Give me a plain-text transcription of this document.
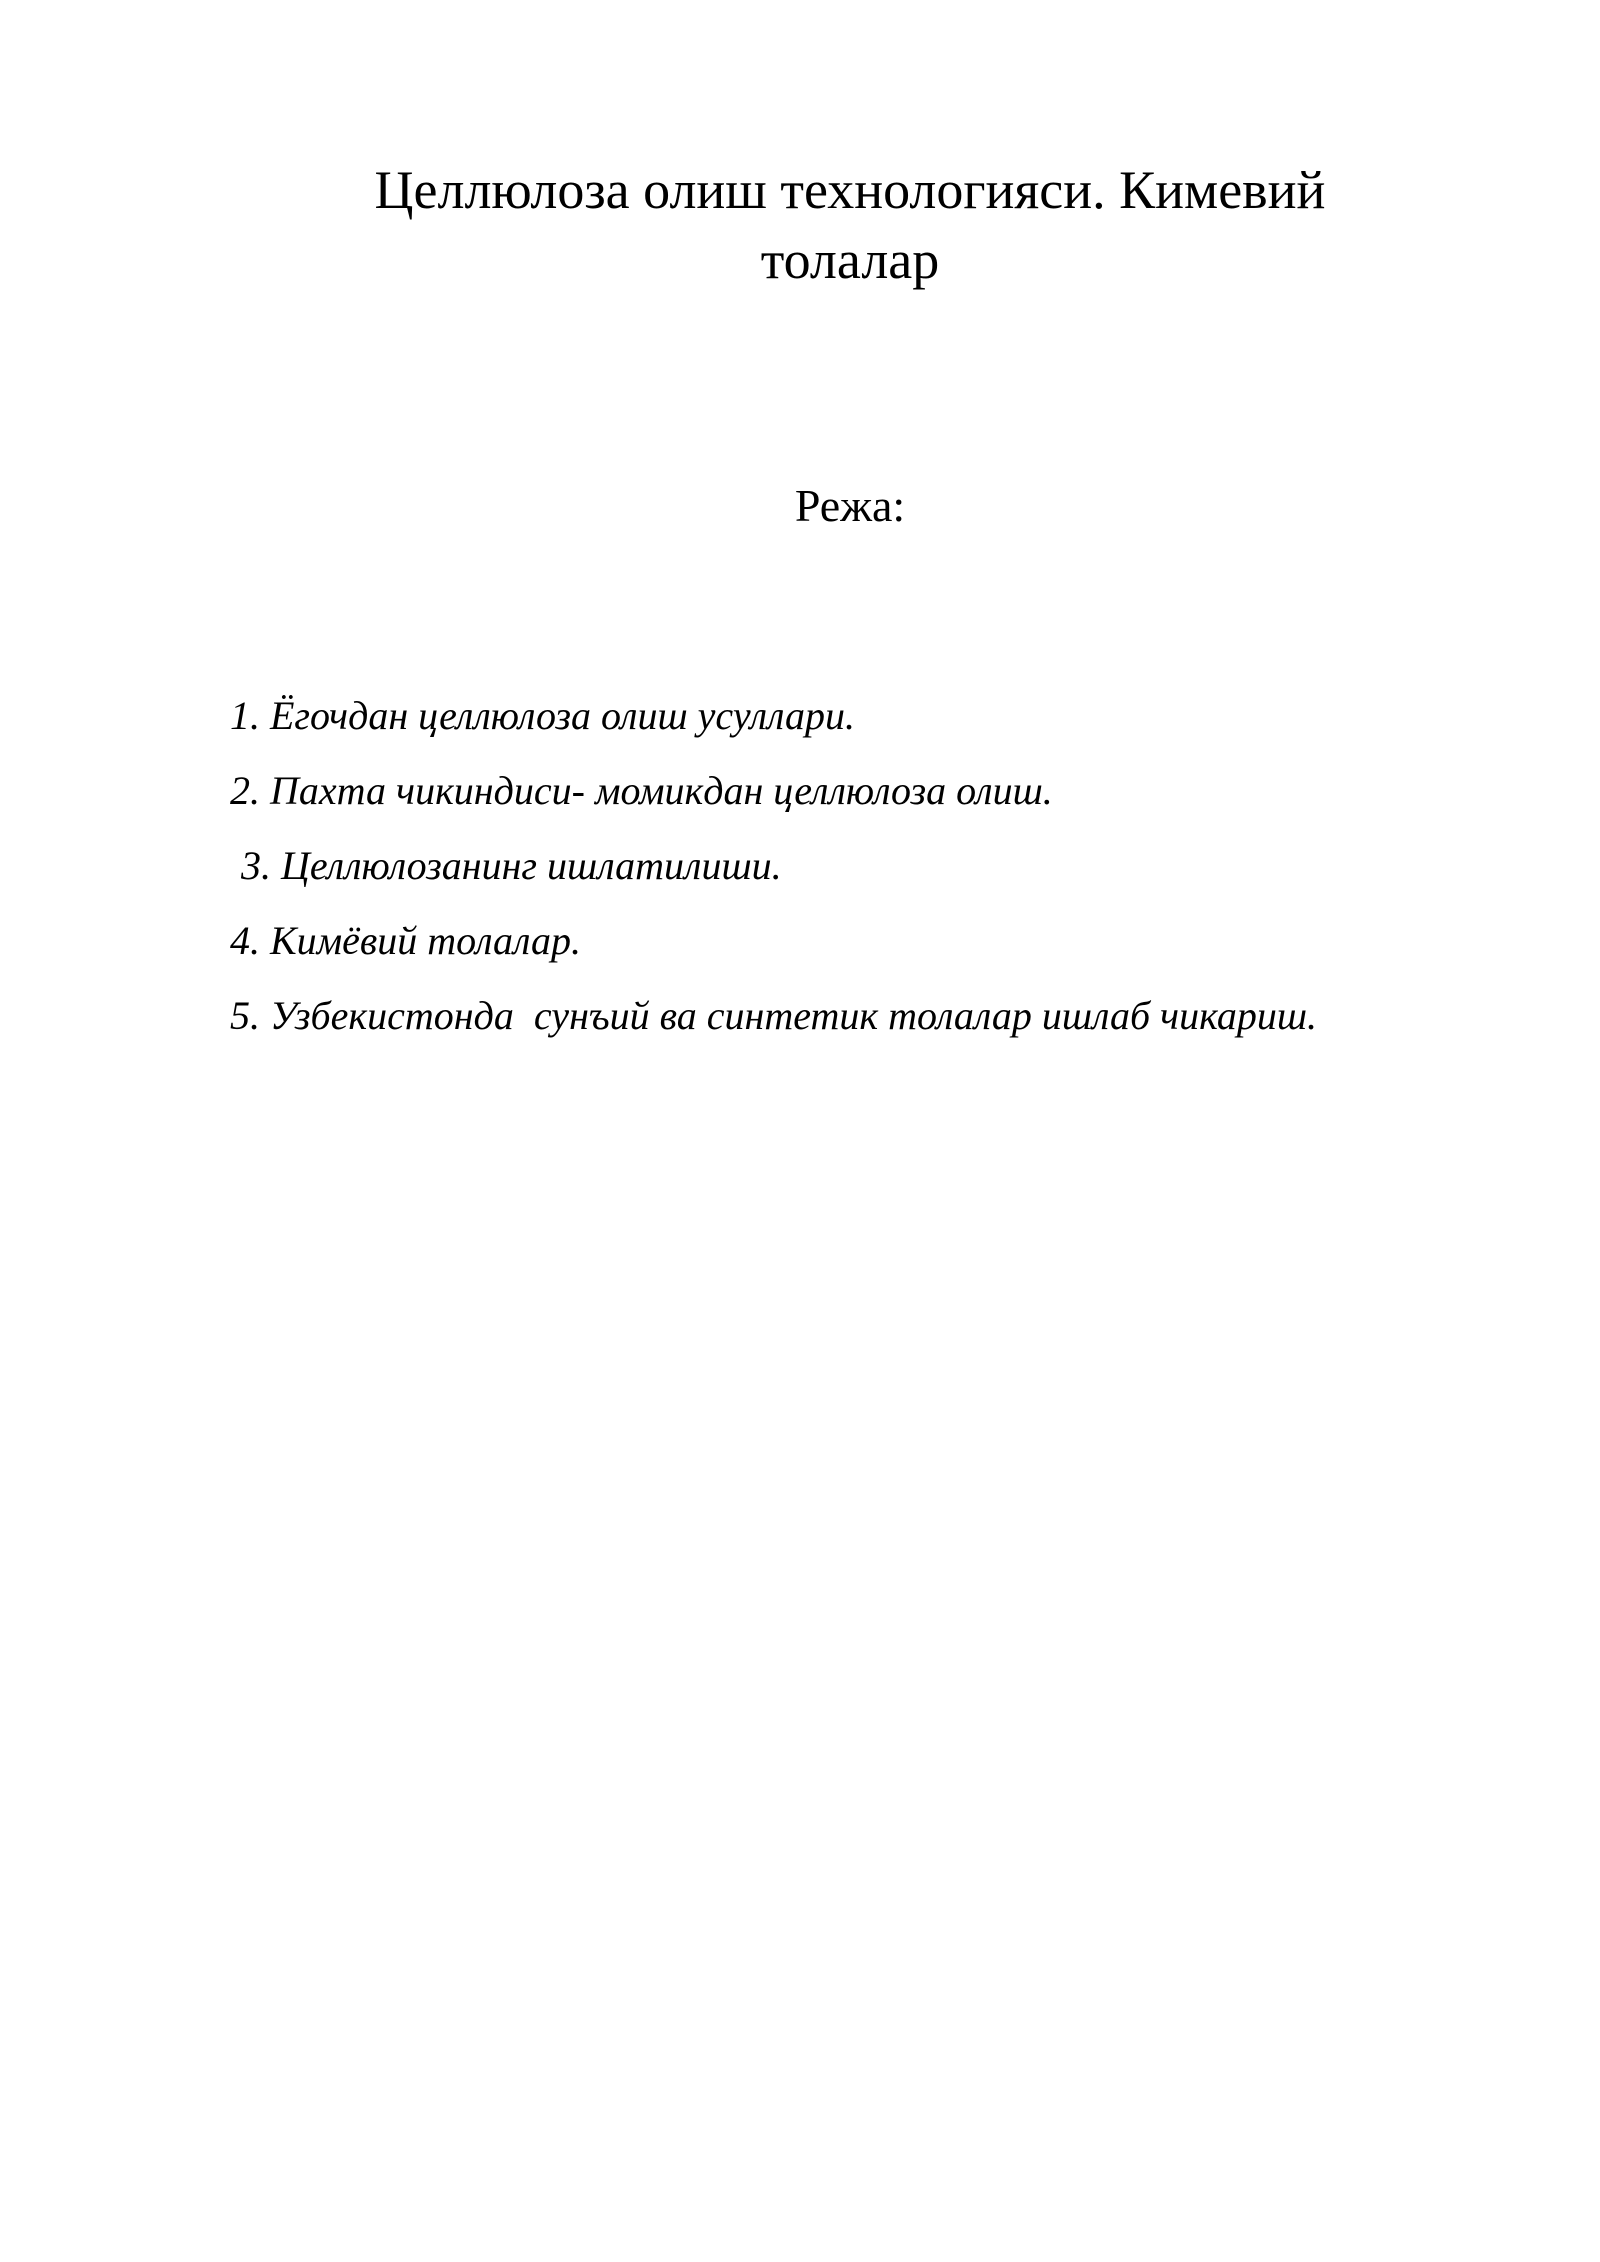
Целлюлоза олиш технологияси. Кимевий
толалар
Режа:
1. Ёгочдан целлюлоза олиш усуллари.
2. Пахта чикиндиси- момикдан целлюлоза олиш.
3. Целлюлозанинг ишлатилиши.
4. Кимёвий толалар.
5. Узбекистонда  сунъий ва синтетик толалар ишлаб чикариш.
